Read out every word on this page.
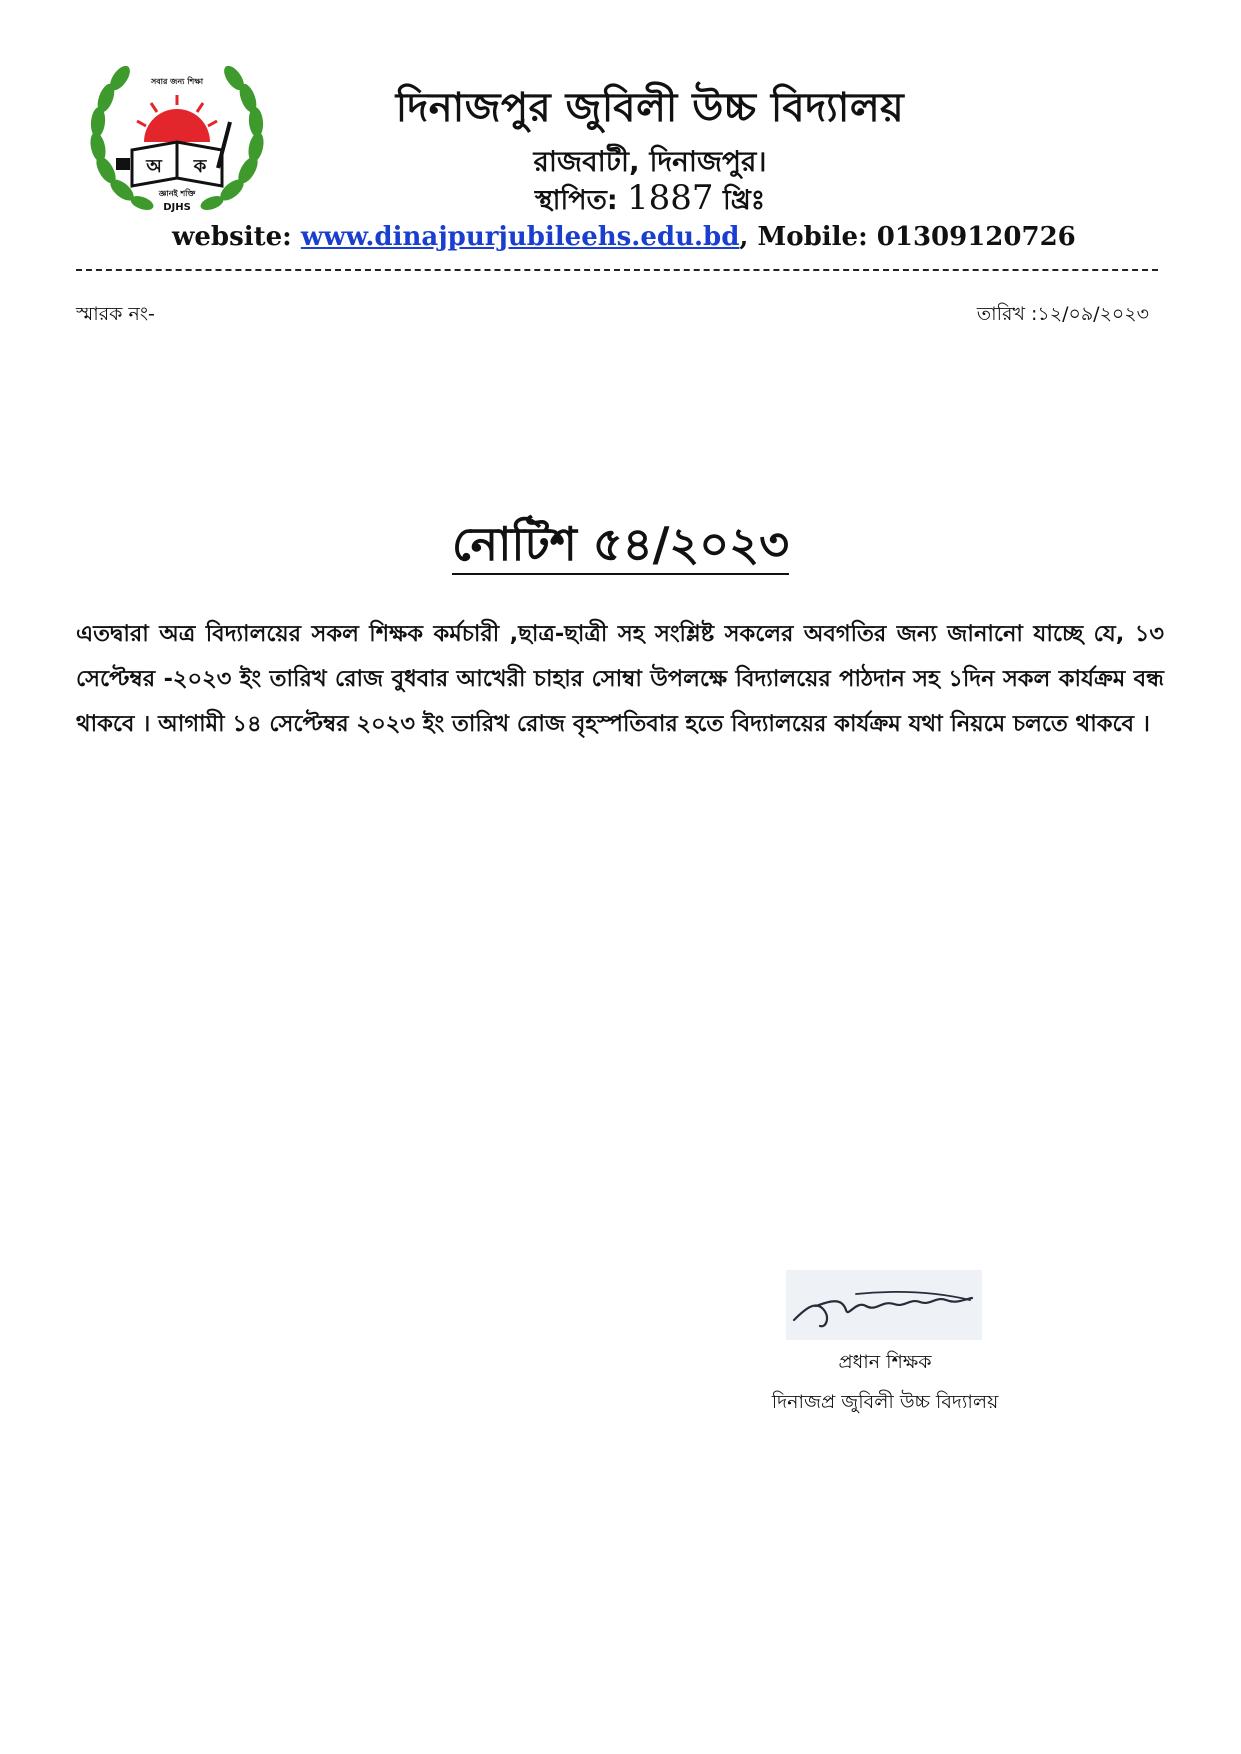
সবার জন্য শিক্ষা
অ ক
জ্ঞানই শক্তি
DJHS
দিনাজপুর জুবিলী উচ্চ বিদ্যালয়
রাজবাটী, দিনাজপুর।
স্থাপিত: 1887 খ্রিঃ
website: www.dinajpurjubileehs.edu.bd, Mobile: 01309120726
স্মারক নং-	তারিখ :১২/০৯/২০২৩
নোটিশ ৫৪/২০২৩
এতদ্বারা অত্র বিদ্যালয়ের সকল শিক্ষক কর্মচারী ,ছাত্র-ছাত্রী সহ সংশ্লিষ্ট সকলের অবগতির জন্য জানানো যাচ্ছে যে, ১৩ সেপ্টেম্বর -২০২৩ ইং তারিখ রোজ বুধবার আখেরী চাহার সোম্বা উপলক্ষে বিদ্যালয়ের পাঠদান সহ ১দিন সকল কার্যক্রম বন্ধ থাকবে । আগামী ১৪ সেপ্টেম্বর ২০২৩ ইং তারিখ রোজ বৃহস্পতিবার হতে বিদ্যালয়ের কার্যক্রম যথা নিয়মে চলতে থাকবে ।
প্রধান শিক্ষক
দিনাজপ্র জুবিলী উচ্চ বিদ্যালয়
